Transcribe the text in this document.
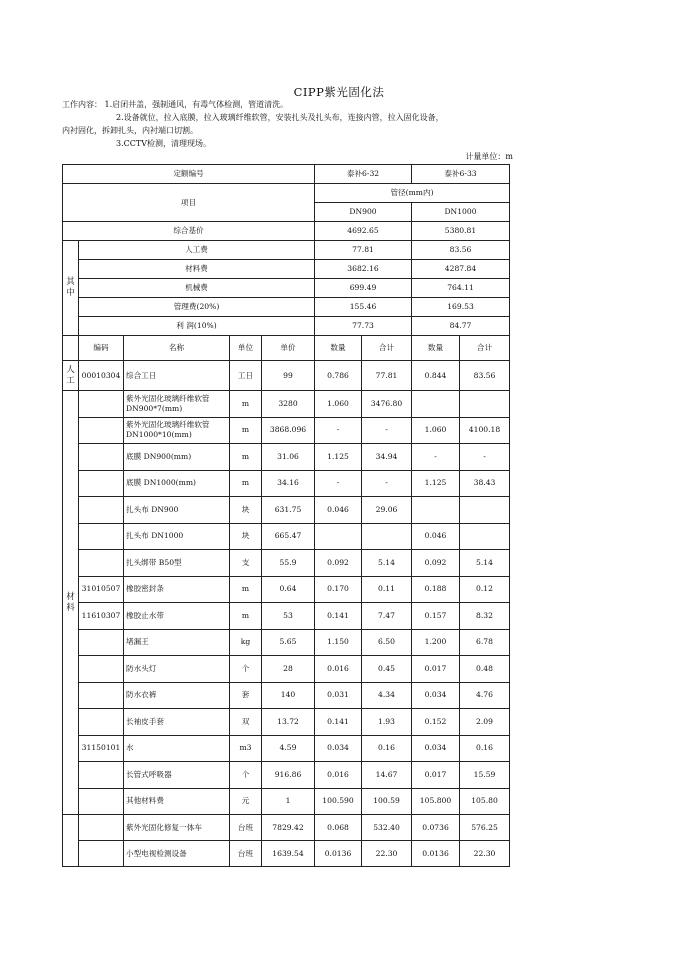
CIPP紫光固化法
工作内容： 1.启闭井盖，强制通风，有毒气体检测，管道清洗。
2.设备就位，拉入底膜，拉入玻璃纤维软管，安装扎头及扎头布，连接内管，拉入固化设备，
内衬固化，拆卸扎头，内衬端口切割。
3.CCTV检测，清理现场。
计量单位：m
定额编号					泰补6-32		泰补6-33	
项目					管径(mm内)			
					DN900		DN1000	
综合基价					4692.65		5380.81	
其中	人工费				77.81		83.56	
	材料费				3682.16		4287.84	
	机械费				699.49		764.11	
	管理费(20%)				155.46		169.53	
	利 润(10%)				77.73		84.77	
	编码	名称	单位	单价	数量	合计	数量	合计
人工	00010304	综合工日	工日	99	0.786	77.81	0.844	83.56
材料		紫外光固化玻璃纤维软管DN900*7(mm)	m	3280	1.060	3476.80		
		紫外光固化玻璃纤维软管DN1000*10(mm)	m	3868.096	-	-	1.060	4100.18
		底膜 DN900(mm)	m	31.06	1.125	34.94	-	-
		底膜 DN1000(mm)	m	34.16	-	-	1.125	38.43
		扎头布 DN900	块	631.75	0.046	29.06		
		扎头布 DN1000	块	665.47			0.046	
		扎头绑带 B50型	支	55.9	0.092	5.14	0.092	5.14
	31010507	橡胶密封条	m	0.64	0.170	0.11	0.188	0.12
	11610307	橡胶止水带	m	53	0.141	7.47	0.157	8.32
		堵漏王	kg	5.65	1.150	6.50	1.200	6.78
		防水头灯	个	28	0.016	0.45	0.017	0.48
		防水衣裤	套	140	0.031	4.34	0.034	4.76
		长袖皮手套	双	13.72	0.141	1.93	0.152	2.09
	31150101	水	m3	4.59	0.034	0.16	0.034	0.16
		长管式呼吸器	个	916.86	0.016	14.67	0.017	15.59
		其他材料费	元	1	100.590	100.59	105.800	105.80
		紫外光固化修复一体车	台班	7829.42	0.068	532.40	0.0736	576.25
		小型电视检测设备	台班	1639.54	0.0136	22.30	0.0136	22.30
